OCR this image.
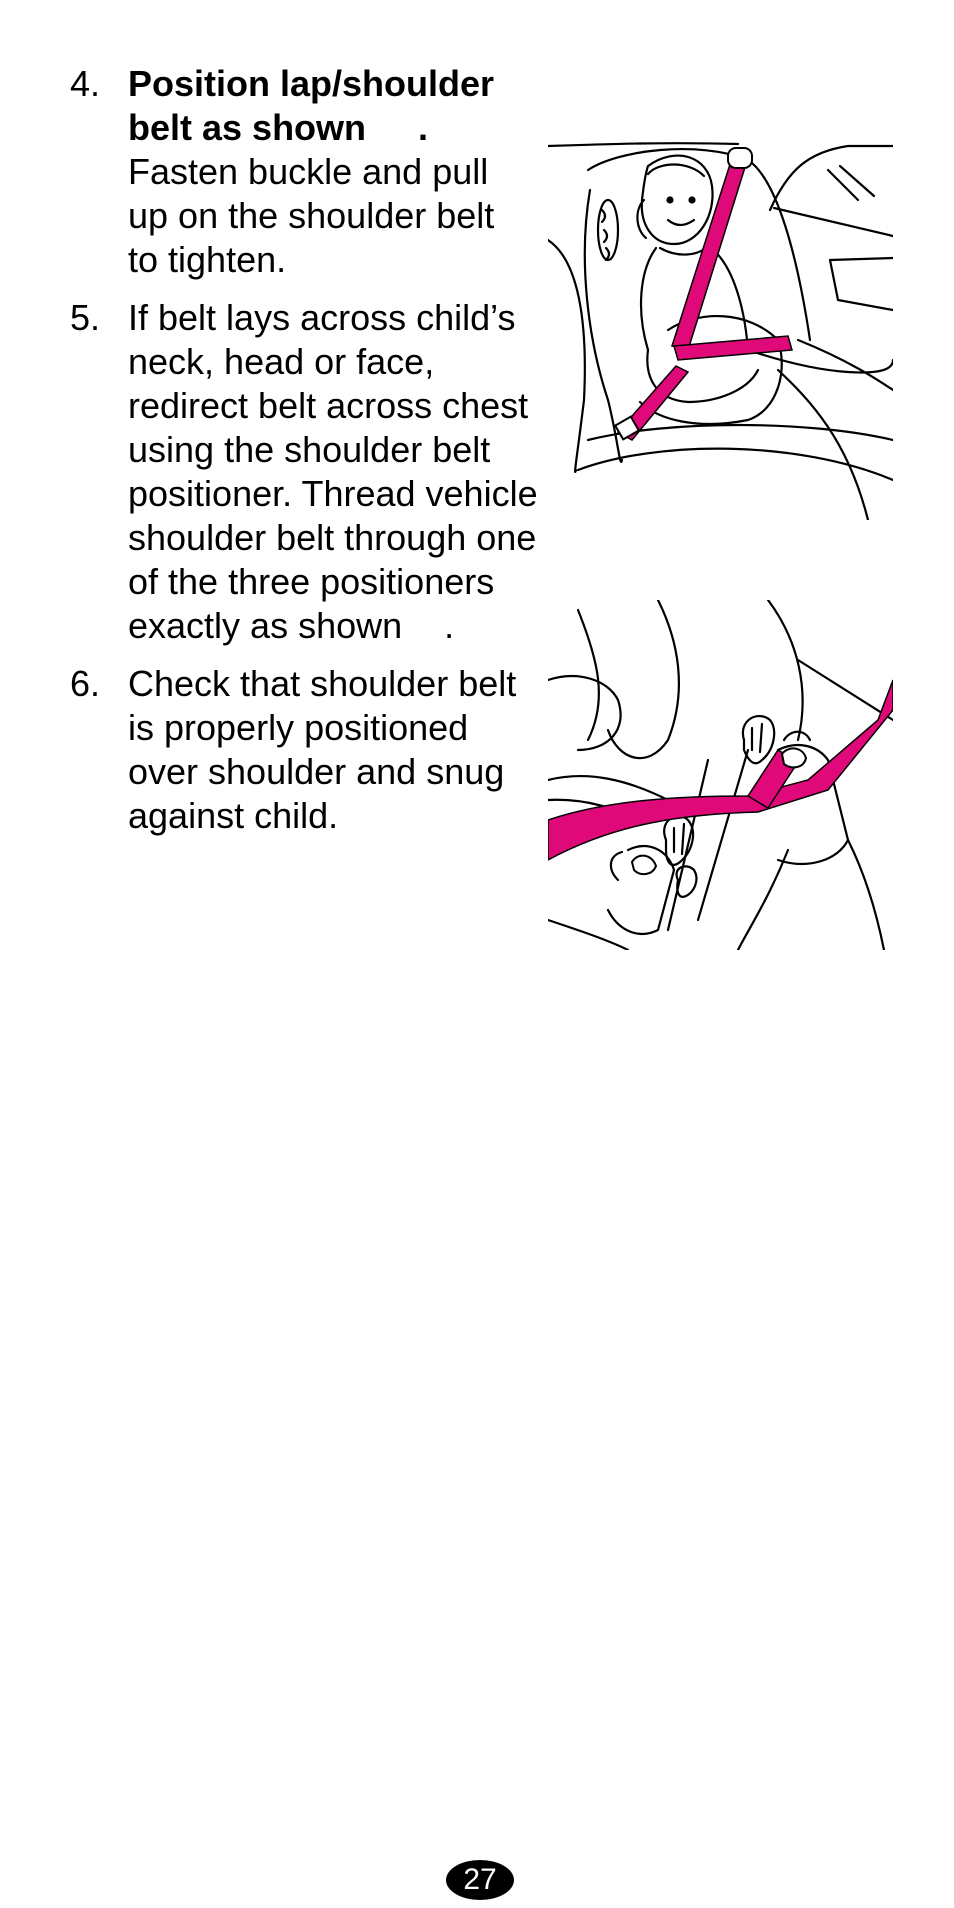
4. Position lap/shoulder
belt as shown .
Fasten buckle and pull
up on the shoulder belt
to tighten.
5. If belt lays across child’s
neck, head or face,
redirect belt across chest
using the shoulder belt
positioner. Thread vehicle
shoulder belt through one
of the three positioners
exactly as shown .
6. Check that shoulder belt
is properly positioned
over shoulder and snug
against child.
27
